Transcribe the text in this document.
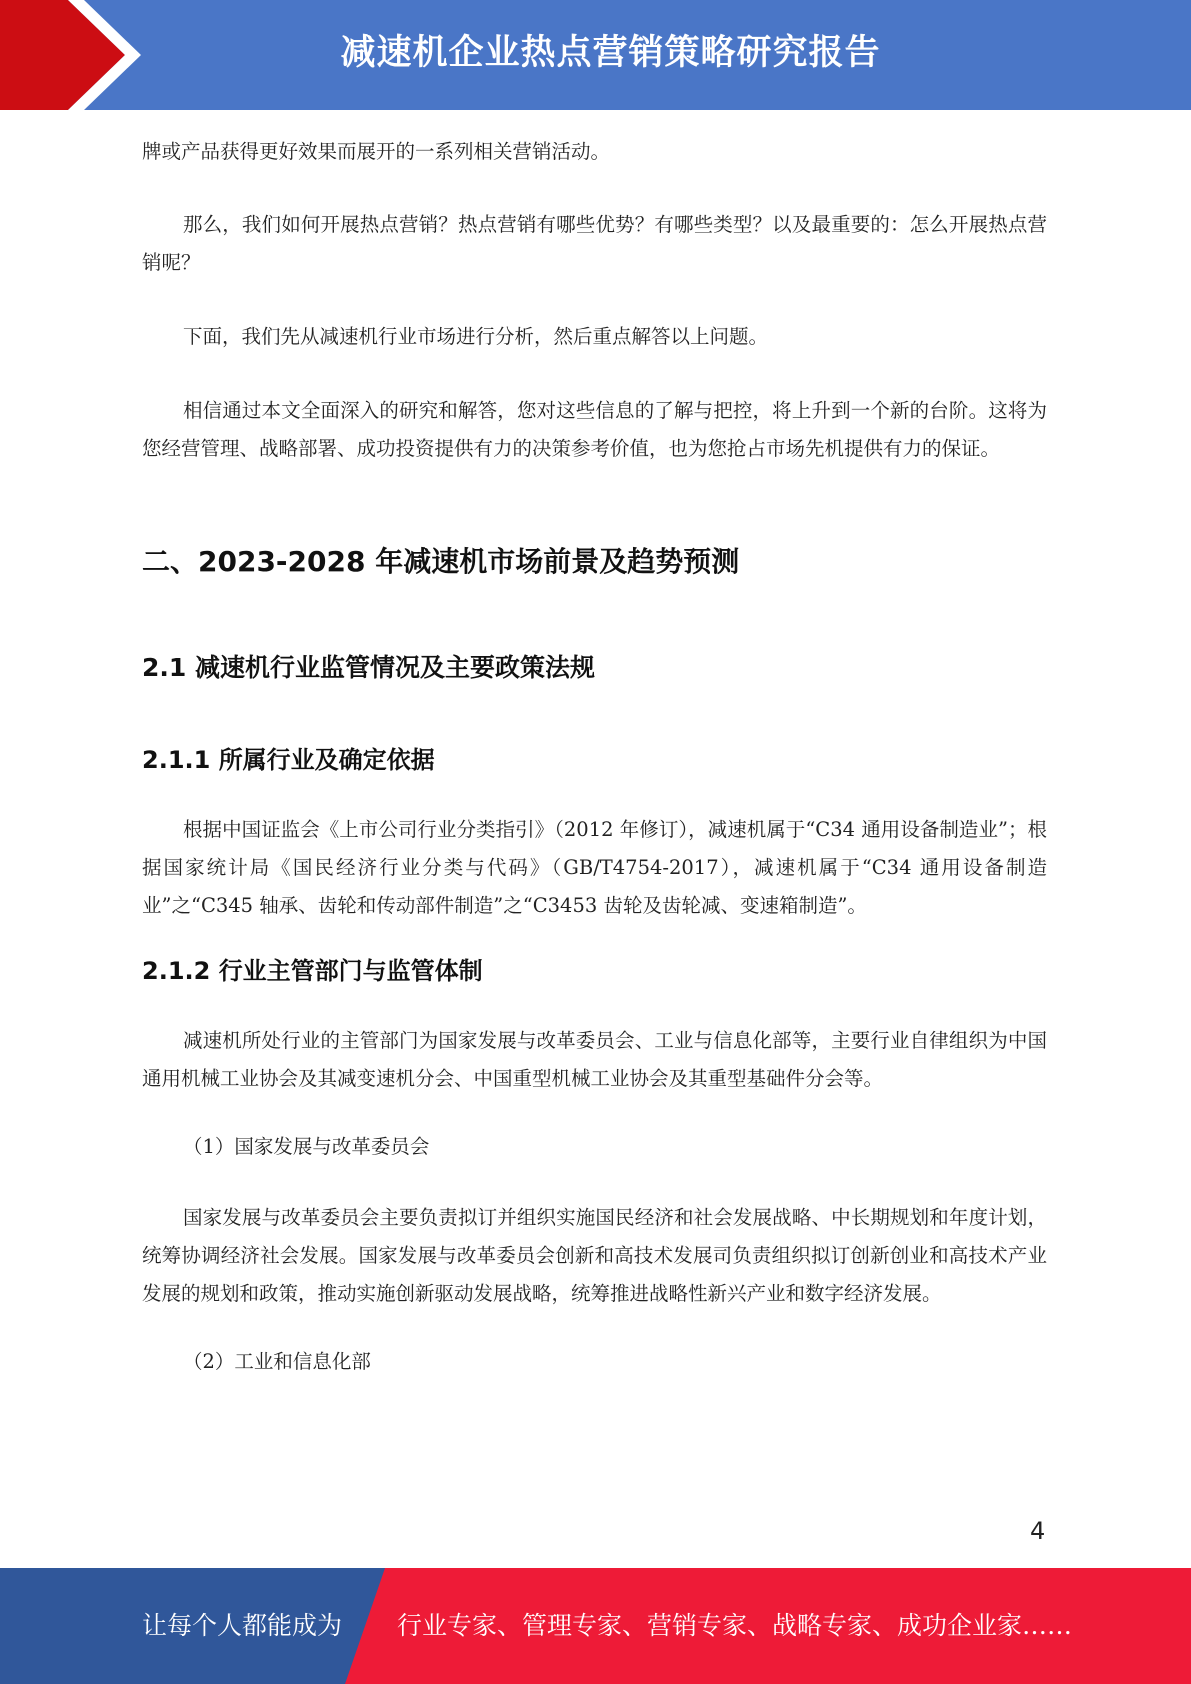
减速机企业热点营销策略研究报告

牌或产品获得更好效果而展开的一系列相关营销活动。

那么，我们如何开展热点营销？热点营销有哪些优势？有哪些类型？以及最重要的：怎么开展热点营销呢？

下面，我们先从减速机行业市场进行分析，然后重点解答以上问题。

相信通过本文全面深入的研究和解答，您对这些信息的了解与把控，将上升到一个新的台阶。这将为您经营管理、战略部署、成功投资提供有力的决策参考价值，也为您抢占市场先机提供有力的保证。

二、2023-2028 年减速机市场前景及趋势预测
2.1 减速机行业监管情况及主要政策法规
2.1.1 所属行业及确定依据

根据中国证监会《上市公司行业分类指引》（2012 年修订），减速机属于“C34 通用设备制造业”；根据国家统计局《国民经济行业分类与代码》（GB/T4754-2017），减速机属于“C34 通用设备制造业”之“C345 轴承、齿轮和传动部件制造”之“C3453 齿轮及齿轮减、变速箱制造”。

2.1.2 行业主管部门与监管体制

减速机所处行业的主管部门为国家发展与改革委员会、工业与信息化部等，主要行业自律组织为中国通用机械工业协会及其减变速机分会、中国重型机械工业协会及其重型基础件分会等。

（1）国家发展与改革委员会

国家发展与改革委员会主要负责拟订并组织实施国民经济和社会发展战略、中长期规划和年度计划，统筹协调经济社会发展。国家发展与改革委员会创新和高技术发展司负责组织拟订创新创业和高技术产业发展的规划和政策，推动实施创新驱动发展战略，统筹推进战略性新兴产业和数字经济发展。

（2）工业和信息化部

4
让每个人都能成为 行业专家、管理专家、营销专家、战略专家、成功企业家……
